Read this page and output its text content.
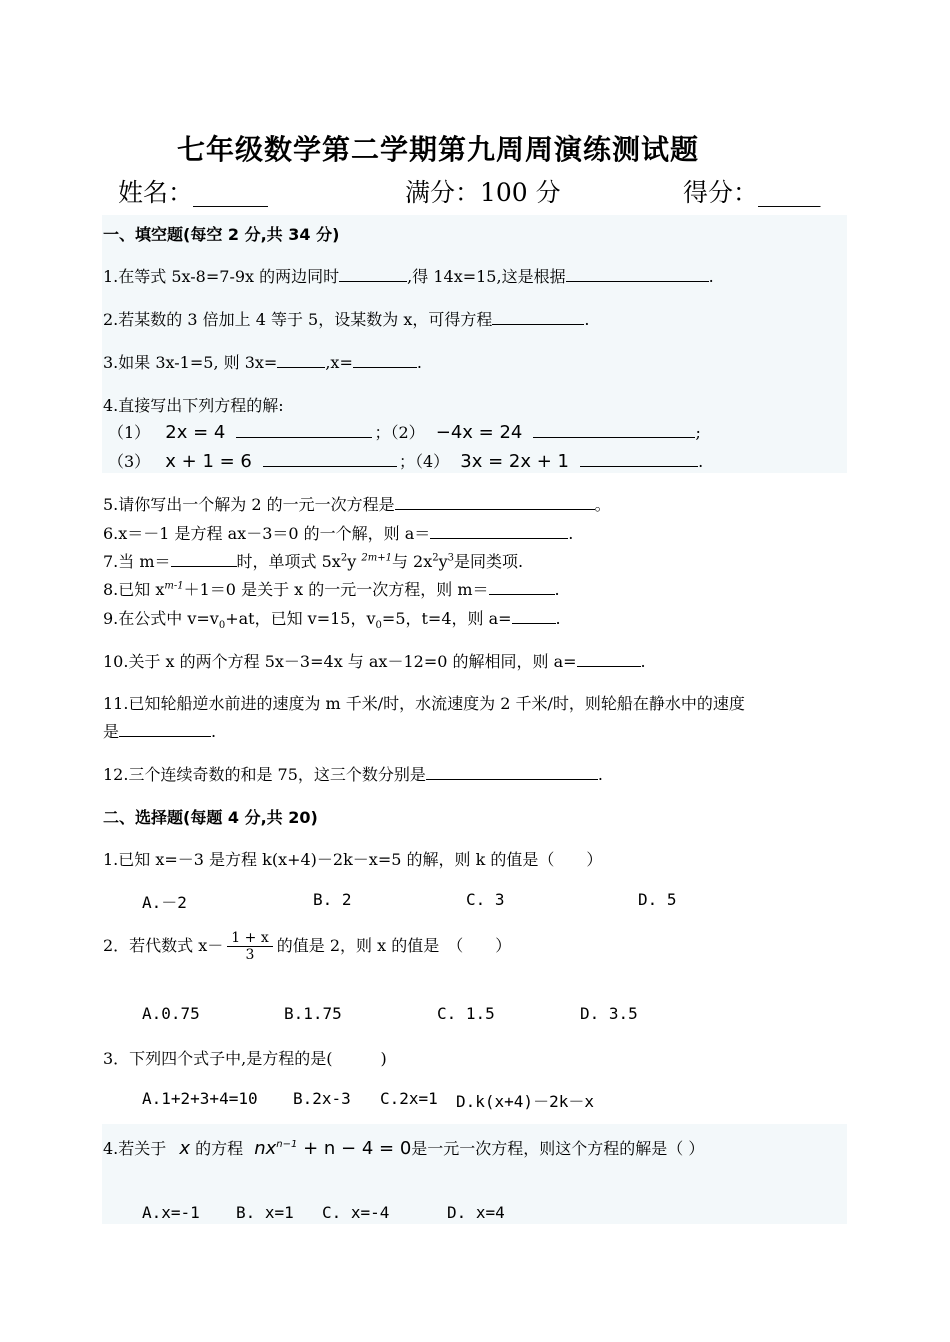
七年级数学第二学期第九周周演练测试题
姓名：______	满分：100 分	得分：_____
一、填空题(每空 2 分,共 34 分)
1.在等式 5x-8=7-9x 的两边同时	,得 14x=15,这是根据	.
2.若某数的 3 倍加上 4 等于 5，设某数为 x，可得方程	.
3.如果 3x-1=5, 则 3x=	,x=	.
4.直接写出下列方程的解:
（1） 2x = 4	；（2） −4x = 24	;
（3） x + 1 = 6	；（4） 3x = 2x + 1	.
5.请你写出一个解为 2 的一元一次方程是	。
6.x＝－1 是方程 ax－3＝0 的一个解，则 a＝	.
7.当 m＝	时，单项式 $5x^2y$ $^{2m+1}$与 $2x^2y^3$是同类项.
8.已知 $x^{m-1}+1=0$ 是关于 x 的一元一次方程，则 m＝	.
9.在公式中 $v=v_0+at$，已知 v=15，$v_0=5$，t=4，则 a=	.
10.关于 x 的两个方程 5x－3=4x 与 ax－12=0 的解相同，则 a=	.
11.已知轮船逆水前进的速度为 m 千米/时，水流速度为 2 千米/时，则轮船在静水中的速度
是	.
12.三个连续奇数的和是 75，这三个数分别是	.
二、选择题(每题 4 分,共 20)
1.已知 x=－3 是方程 k(x+4)－2k－x=5 的解，则 k 的值是（　　）
A.－2	B. 2	C. 3	D. 5
2．若代数式 $x- \frac{1 + x}{3}$ 的值是 2，则 x 的值是　（　　）
A.0.75	B.1.75	C. 1.5	D. 3.5
3．下列四个式子中,是方程的是(　　　)
A.1+2+3+4=10 B.2x-3 C.2x=1 D.k(x+4)－2k－x
4.若关于 x 的方程 $nx^{n-1} + n - 4 = 0$是一元一次方程，则这个方程的解是（ ）
A.x=-1 B. x=1 C. x=-4	D. x=4
